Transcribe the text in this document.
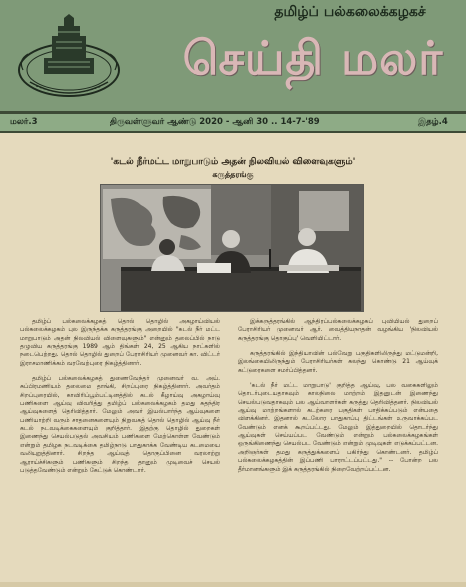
தமிழ்ப் பல்கலைக்கழகச்
செய்தி மலர்
மலர்.3	திருவள்ளுவர் ஆண்டு 2020 - ஆனி 30 .. 14-7-'89	இதழ்.4
'கடல் நீர்மட்ட மாறுபாடும் அதன் நிலவியல் விளைவுகளும்'
கருத்தரங்கு

தமிழ்ப் பல்கலைக்கழகத் தொல் தொழில் அகழாய்வியல் பல்கலைக்கழகம் புல இருந்தக்க கருத்தரங்கு அறையில் "கடல் நீர் மட்ட மாறுபாடும் அதன் நிலவியல் விளைவுகளும்" என்னும் தலைப்பில் நாடு தழுவிய கருத்தரங்கு 1989 ஆம் திங்கள் 24, 25 ஆகிய நாட்களில் நடைபெற்றது. தொல் தொழில் துறைப் பேராசிரியர் முனைவர் கா. விட்டர் இராசமாணிக்கம் வரவேற்புரை நிகழ்த்தினார்.

தமிழ்ப் பல்கலைக்கழகத் துணைவேந்தர் முனைவர் வ. அய். சுப்பிரமணியம் தலைமை தாங்கி, சிறப்புரை நிகழ்த்தினார். அவர்தம் சிறப்புரையில், காவிரிப்பூம்பட்டினத்தில் கடல் கீழாய்வு அகழாய்வு பணிகளை ஆய்வு விவரித்து தமிழ்ப் பல்கலைக்கழகம் தமது சுதந்திர ஆய்வுகளைத் தெரிவித்தார். மேலும் அவர் இயல்பார்ந்த ஆய்வுகளை பணியாற்றி வரும் சாதனைகளையும் நிறுவகத் தொல் தொழில் ஆய்வு நீர் கடல் நடவடிக்கைகளையும் குறித்தார். இதற்கு தொழில் துறைகள் இணைந்து செயல்படுதல் அவசியம் பணிகளை மேற்கொள்ள வேண்டும் என்றும் தமிழக நடவடிக்கை தமிழ்நாடு பாதுகாக்க வேண்டிய கடமையை வலியுறுத்தினார். சிறந்த ஆய்வுத் தொகுப்பினை வரலாற்று ஆராய்ச்சிகளும் பணிகளும் சிறந்த தானும் முடிவைச் செயல் படுத்தவேண்டும் என்றும் கேட்டுக் கொண்டார்.

இக்கருத்தரங்கில் ஆந்திரப்பல்கலைக்கழகப் புவியியல் துறைப் பேராசிரியர் முனைவர் ஆர். வைத்தியநாதன் வழங்கிய 'நிலவியல் கருத்தரங்கு தொகுப்பு' வெளியிட்டார்.

கருத்தரங்கில் இந்தியாவின் பல்வேறு பகுதிகளிலிருந்து மட்டுமன்றி, இலங்கையிலிருந்தும் பேராசிரியர்கள் கலந்து கொண்டு 21 ஆய்வுக் கட்டுரைகளை சமர்ப்பித்தனர்.

'கடல் நீர் மட்ட மாறுபாடு' குறித்த ஆய்வு, பல வகைகளிலும் தொடர்புடையதாகவும் காலநிலை மாற்றம் இதனுடன் இணைந்து செயல்படுவதாகவும் பல ஆய்வாளர்கள் கருத்து தெரிவித்தனர். நிலவியல் ஆய்வு மாற்றங்களால் கடற்கரை பகுதிகள் பாதிக்கப்படும் என்பதை விளக்கினர். இதனால் கடலோர பாதுகாப்பு திட்டங்கள் உருவாக்கப்பட வேண்டும் எனக் கூறப்பட்டது. மேலும் இத்துறையில் தொடர்ந்து ஆய்வுகள் செய்யப்பட வேண்டும் என்றும் பல்கலைக்கழகங்கள் ஒருங்கிணைந்து செயல்பட வேண்டும் என்றும் முடிவுகள் எடுக்கப்பட்டன. அறிஞர்கள் தமது கருத்துக்களைப் பகிர்ந்து கொண்டனர். தமிழ்ப் பல்கலைக்கழகத்தின் இப்பணி பாராட்டப்பட்டது." -- போன்ற பல தீர்மானங்களும் இக் கருத்தரங்கில் நிறைவேற்றப்பட்டன.
